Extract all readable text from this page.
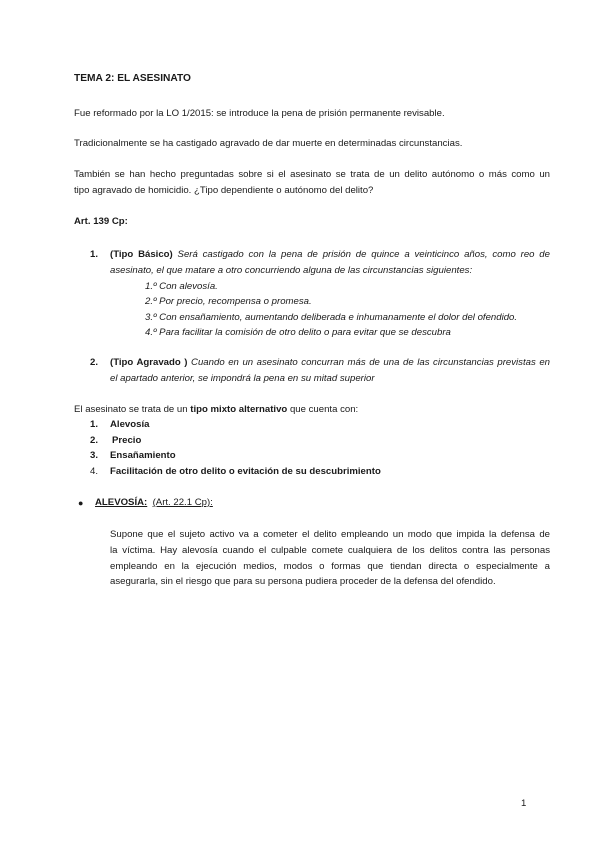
TEMA 2: EL ASESINATO

Fue reformado por la LO 1/2015: se introduce la pena de prisión permanente revisable.

Tradicionalmente se ha castigado agravado de dar muerte en determinadas circunstancias.

También se han hecho preguntadas sobre si el asesinato se trata de un delito autónomo o más como un

tipo agravado de homicidio. ¿Tipo dependiente o autónomo del delito?

Art. 139 Cp:

1. (Tipo Básico) Será castigado con la pena de prisión de quince a veinticinco años, como reo de

asesinato, el que matare a otro concurriendo alguna de las circunstancias siguientes:

1.º Con alevosía.

2.º Por precio, recompensa o promesa.

3.º Con ensañamiento, aumentando deliberada e inhumanamente el dolor del ofendido.

4.º Para facilitar la comisión de otro delito o para evitar que se descubra

2. (Tipo Agravado ) Cuando en un asesinato concurran más de una de las circunstancias previstas en

el apartado anterior, se impondrá la pena en su mitad superior

El asesinato se trata de un tipo mixto alternativo que cuenta con:

1. Alevosía

2. Precio

3. Ensañamiento

4. Facilitación de otro delito o evitación de su descubrimiento

● ALEVOSÍA: (Art. 22.1 Cp):

Supone que el sujeto activo va a cometer el delito empleando un modo que impida la defensa de

la víctima. Hay alevosía cuando el culpable comete cualquiera de los delitos contra las personas

empleando en la ejecución medios, modos o formas que tiendan directa o especialmente a

asegurarla, sin el riesgo que para su persona pudiera proceder de la defensa del ofendido.

1
